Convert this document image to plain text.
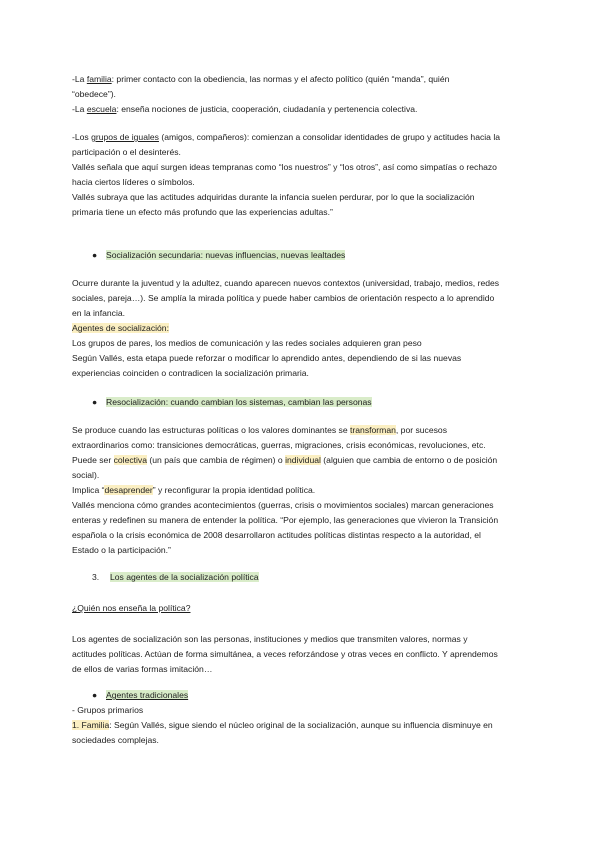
-La familia: primer contacto con la obediencia, las normas y el afecto político (quién “manda”, quién

“obedece”).

-La escuela: enseña nociones de justicia, cooperación, ciudadanía y pertenencia colectiva.

-Los grupos de iguales (amigos, compañeros): comienzan a consolidar identidades de grupo y actitudes hacia la

participación o el desinterés.

Vallés señala que aquí surgen ideas tempranas como “los nuestros” y “los otros”, así como simpatías o rechazo

hacia ciertos líderes o símbolos.

Vallés subraya que las actitudes adquiridas durante la infancia suelen perdurar, por lo que la socialización

primaria tiene un efecto más profundo que las experiencias adultas.”

● Socialización secundaria: nuevas influencias, nuevas lealtades

Ocurre durante la juventud y la adultez, cuando aparecen nuevos contextos (universidad, trabajo, medios, redes

sociales, pareja…). Se amplía la mirada política y puede haber cambios de orientación respecto a lo aprendido

en la infancia.

Agentes de socialización:

Los grupos de pares, los medios de comunicación y las redes sociales adquieren gran peso

Según Vallés, esta etapa puede reforzar o modificar lo aprendido antes, dependiendo de si las nuevas

experiencias coinciden o contradicen la socialización primaria.

● Resocialización: cuando cambian los sistemas, cambian las personas

Se produce cuando las estructuras políticas o los valores dominantes se transforman, por sucesos

extraordinarios como: transiciones democráticas, guerras, migraciones, crisis económicas, revoluciones, etc.

Puede ser colectiva (un país que cambia de régimen) o individual (alguien que cambia de entorno o de posición

social).

Implica “desaprender” y reconfigurar la propia identidad política.

Vallés menciona cómo grandes acontecimientos (guerras, crisis o movimientos sociales) marcan generaciones

enteras y redefinen su manera de entender la política. “Por ejemplo, las generaciones que vivieron la Transición

española o la crisis económica de 2008 desarrollaron actitudes políticas distintas respecto a la autoridad, el

Estado o la participación.”

3. Los agentes de la socialización política

¿Quién nos enseña la política?

Los agentes de socialización son las personas, instituciones y medios que transmiten valores, normas y

actitudes políticas. Actúan de forma simultánea, a veces reforzándose y otras veces en conflicto. Y aprendemos

de ellos de varias formas imitación…

● Agentes tradicionales

- Grupos primarios

1. Familia: Según Vallés, sigue siendo el núcleo original de la socialización, aunque su influencia disminuye en

sociedades complejas.
